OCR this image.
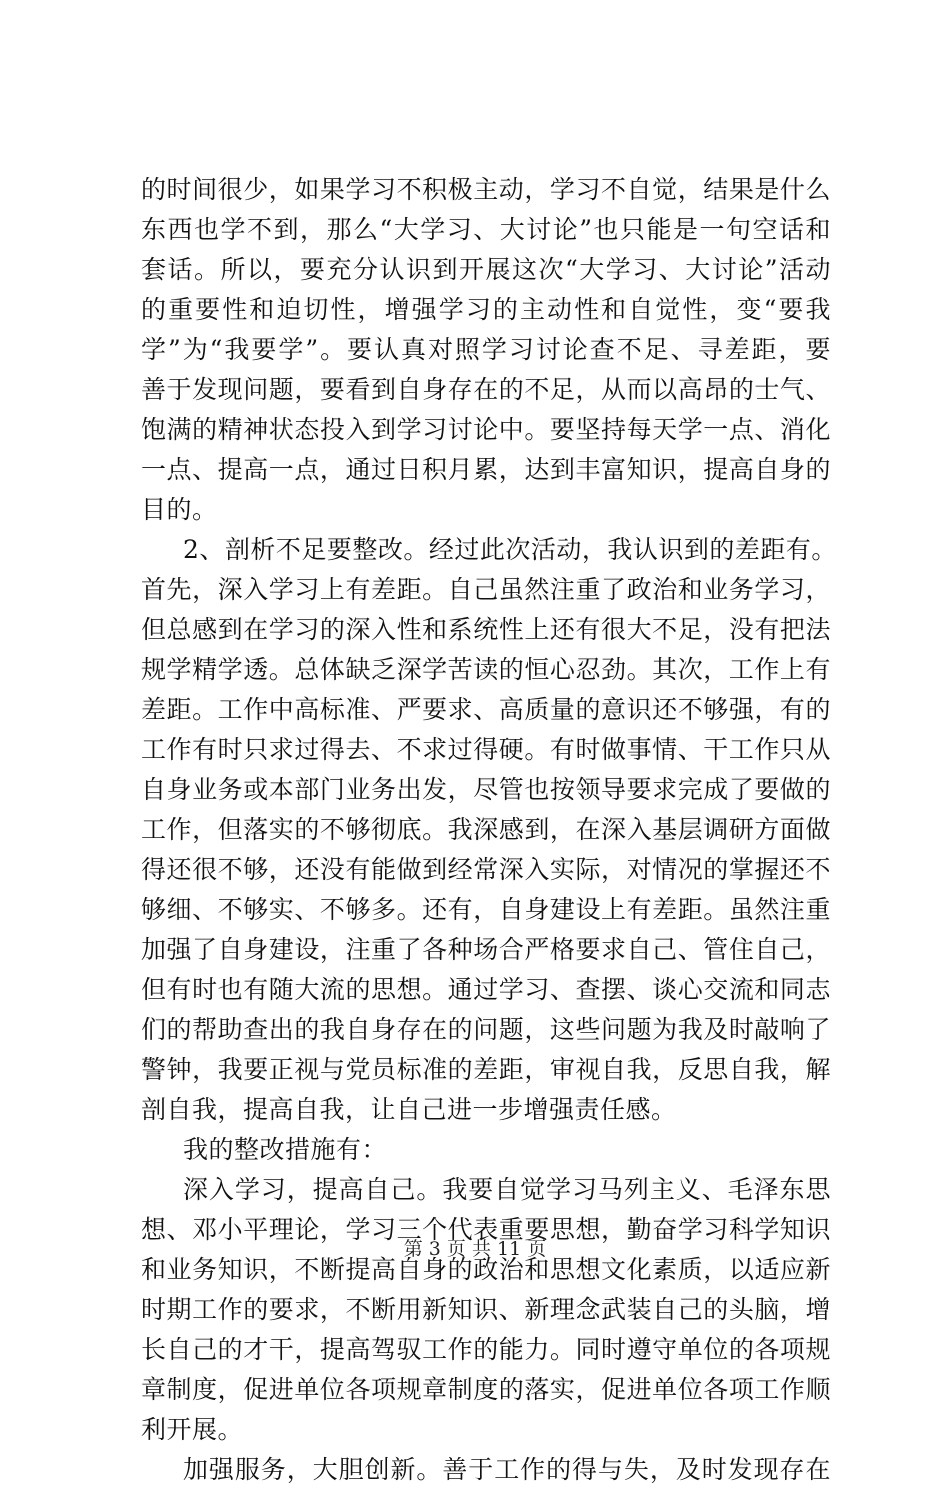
的时间很少，如果学习不积极主动，学习不自觉，结果是什么
东西也学不到，那么“大学习、大讨论”也只能是一句空话和
套话。所以，要充分认识到开展这次“大学习、大讨论”活动
的重要性和迫切性，增强学习的主动性和自觉性，变“要我
学”为“我要学”。要认真对照学习讨论查不足、寻差距，要
善于发现问题，要看到自身存在的不足，从而以高昂的士气、
饱满的精神状态投入到学习讨论中。要坚持每天学一点、消化
一点、提高一点，通过日积月累，达到丰富知识，提高自身的
目的。
2、剖析不足要整改。经过此次活动，我认识到的差距有。
首先，深入学习上有差距。自己虽然注重了政治和业务学习，
但总感到在学习的深入性和系统性上还有很大不足，没有把法
规学精学透。总体缺乏深学苦读的恒心忍劲。其次，工作上有
差距。工作中高标准、严要求、高质量的意识还不够强，有的
工作有时只求过得去、不求过得硬。有时做事情、干工作只从
自身业务或本部门业务出发，尽管也按领导要求完成了要做的
工作，但落实的不够彻底。我深感到，在深入基层调研方面做
得还很不够，还没有能做到经常深入实际，对情况的掌握还不
够细、不够实、不够多。还有，自身建设上有差距。虽然注重
加强了自身建设，注重了各种场合严格要求自己、管住自己，
但有时也有随大流的思想。通过学习、查摆、谈心交流和同志
们的帮助查出的我自身存在的问题，这些问题为我及时敲响了
警钟，我要正视与党员标准的差距，审视自我，反思自我，解
剖自我，提高自我，让自己进一步增强责任感。
我的整改措施有：
深入学习，提高自己。我要自觉学习马列主义、毛泽东思
想、邓小平理论，学习三个代表重要思想，勤奋学习科学知识
和业务知识，不断提高自身的政治和思想文化素质，以适应新
时期工作的要求，不断用新知识、新理念武装自己的头脑，增
长自己的才干，提高驾驭工作的能力。同时遵守单位的各项规
章制度，促进单位各项规章制度的落实，促进单位各项工作顺
利开展。
加强服务，大胆创新。善于工作的得与失，及时发现存在
第 3 页 共 11 页
